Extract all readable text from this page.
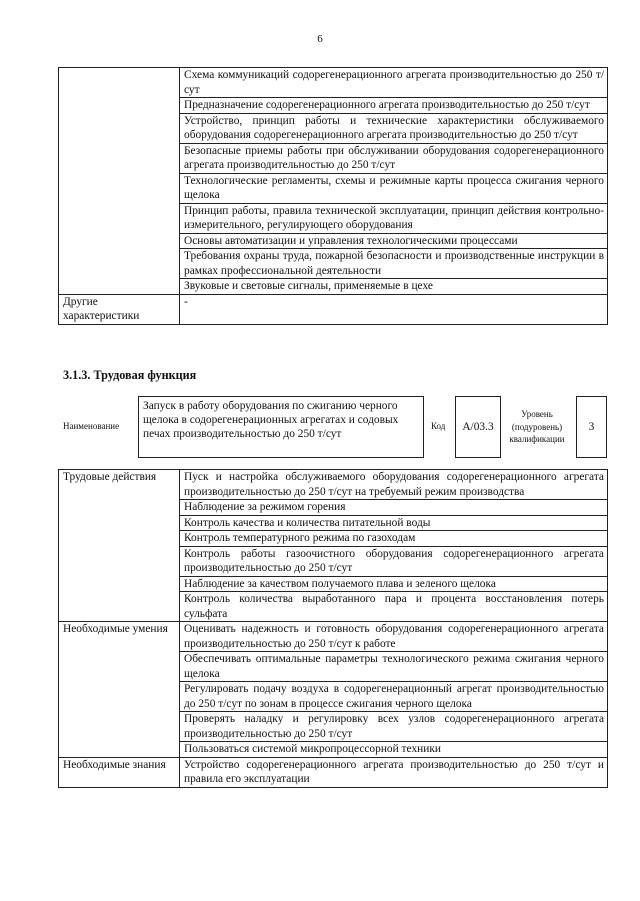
6
	Схема коммуникаций содорегенерационного агрегата производительностью до 250 т/сут
	Предназначение содорегенерационного агрегата производительностью до 250 т/сут
	Устройство, принцип работы и технические характеристики обслуживаемого оборудования содорегенерационного агрегата производительностью до 250 т/сут
	Безопасные приемы работы при обслуживании оборудования содорегенерационного агрегата производительностью до 250 т/сут
	Технологические регламенты, схемы и режимные карты процесса сжигания черного щелока
	Принцип работы, правила технической эксплуатации, принцип действия контрольно-измерительного, регулирующего оборудования
	Основы автоматизации и управления технологическими процессами
	Требования охраны труда, пожарной безопасности и производственные инструкции в рамках профессиональной деятельности
	Звуковые и световые сигналы, применяемые в цехе
Другие характеристики	-
3.1.3. Трудовая функция
Наименование
Запуск в работу оборудования по сжиганию черного щелока в содорегенерационных агрегатах и содовых печах производительностью до 250 т/сут
Код	А/03.3
Уровень (подуровень) квалификации
3
Трудовые действия	Пуск и настройка обслуживаемого оборудования содорегенерационного агрегата производительностью до 250 т/сут на требуемый режим производства
	Наблюдение за режимом горения
	Контроль качества и количества питательной воды
	Контроль температурного режима по газоходам
	Контроль работы газоочистного оборудования содорегенерационного агрегата производительностью до 250 т/сут
	Наблюдение за качеством получаемого плава и зеленого щелока
	Контроль количества выработанного пара и процента восстановления потерь сульфата
Необходимые умения	Оценивать надежность и готовность оборудования содорегенерационного агрегата производительностью до 250 т/сут к работе
	Обеспечивать оптимальные параметры технологического режима сжигания черного щелока
	Регулировать подачу воздуха в содорегенерационный агрегат производительностью до 250 т/сут по зонам в процессе сжигания черного щелока
	Проверять наладку и регулировку всех узлов содорегенерационного агрегата производительностью до 250 т/сут
	Пользоваться системой микропроцессорной техники
Необходимые знания	Устройство содорегенерационного агрегата производительностью до 250 т/сут и правила его эксплуатации
